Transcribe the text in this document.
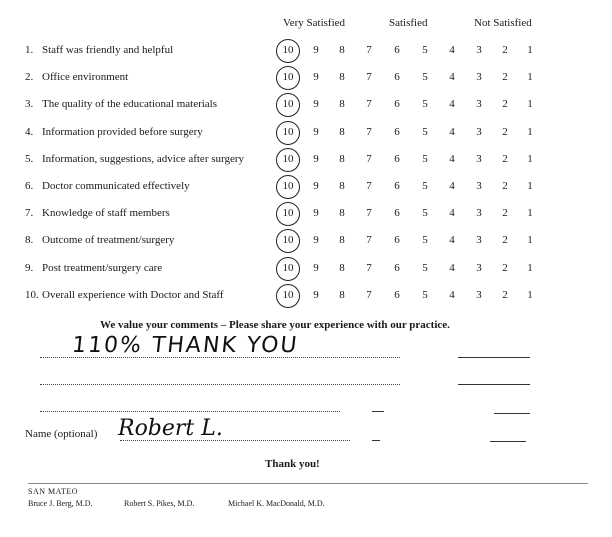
Very Satisfied	Satisfied	Not Satisfied
1. Staff was friendly and helpful	10	9	8	7	6	5	4	3	2	1
2. Office environment	10	9	8	7	6	5	4	3	2	1
3. The quality of the educational materials	10	9	8	7	6	5	4	3	2	1
4. Information provided before surgery	10	9	8	7	6	5	4	3	2	1
5. Information, suggestions, advice after surgery	10	9	8	7	6	5	4	3	2	1
6. Doctor communicated effectively	10	9	8	7	6	5	4	3	2	1
7. Knowledge of staff members	10	9	8	7	6	5	4	3	2	1
8. Outcome of treatment/surgery	10	9	8	7	6	5	4	3	2	1
9. Post treatment/surgery care	10	9	8	7	6	5	4	3	2	1
10. Overall experience with Doctor and Staff	10	9	8	7	6	5	4	3	2	1
We value your comments – Please share your experience with our practice.
110% THANK YOU
Name (optional) Robert L.
Thank you!
SAN MATEO
Bruce J. Berg, M.D.	Robert S. Pikes, M.D.	Michael K. MacDonald, M.D.
